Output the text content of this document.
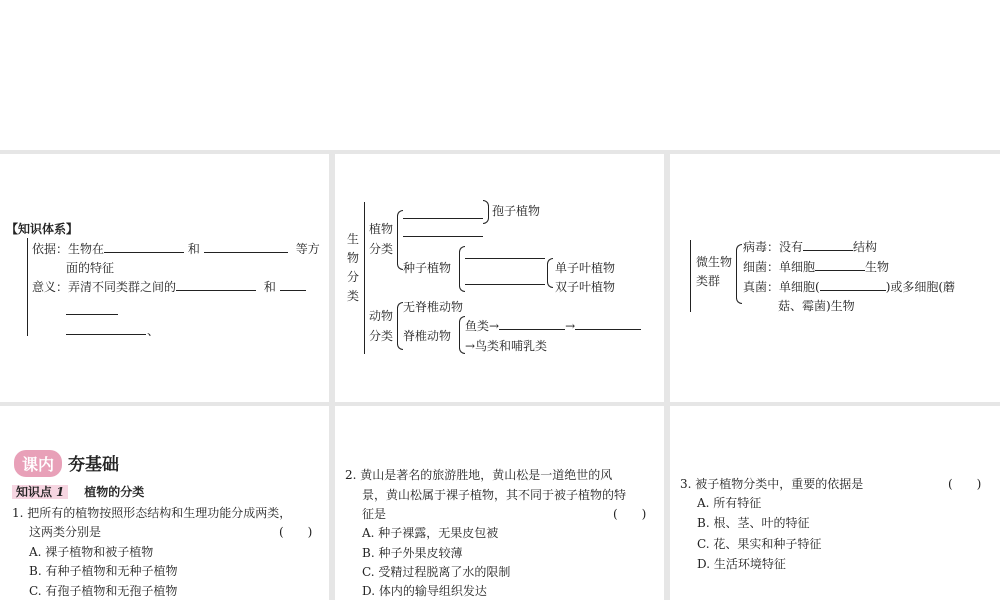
【知识体系】
依据：生物在	和	等方
面的特征
意义：弄清不同类群之间的	和
、
生
物
分
类
植物
分类
孢子植物
种子植物	单子叶植物
双子叶植物
动物
分类
无脊椎动物
脊椎动物
鱼类→	→
→鸟类和哺乳类
微生物
类群
病毒：没有	结构
细菌：单细胞	生物
真菌：单细胞(	)或多细胞(蘑
菇、霉菌)生物
课内 夯基础
知识点 1 植物的分类
1. 把所有的植物按照形态结构和生理功能分成两类，
这两类分别是	(　　)
A. 裸子植物和被子植物
B. 有种子植物和无种子植物
C. 有孢子植物和无孢子植物
2. 黄山是著名的旅游胜地，黄山松是一道绝世的风
景，黄山松属于裸子植物，其不同于被子植物的特
征是	(　　)
A. 种子裸露，无果皮包被
B. 种子外果皮较薄
C. 受精过程脱离了水的限制
D. 体内的输导组织发达
3. 被子植物分类中，重要的依据是	(　　)
A. 所有特征
B. 根、茎、叶的特征
C. 花、果实和种子特征
D. 生活环境特征
